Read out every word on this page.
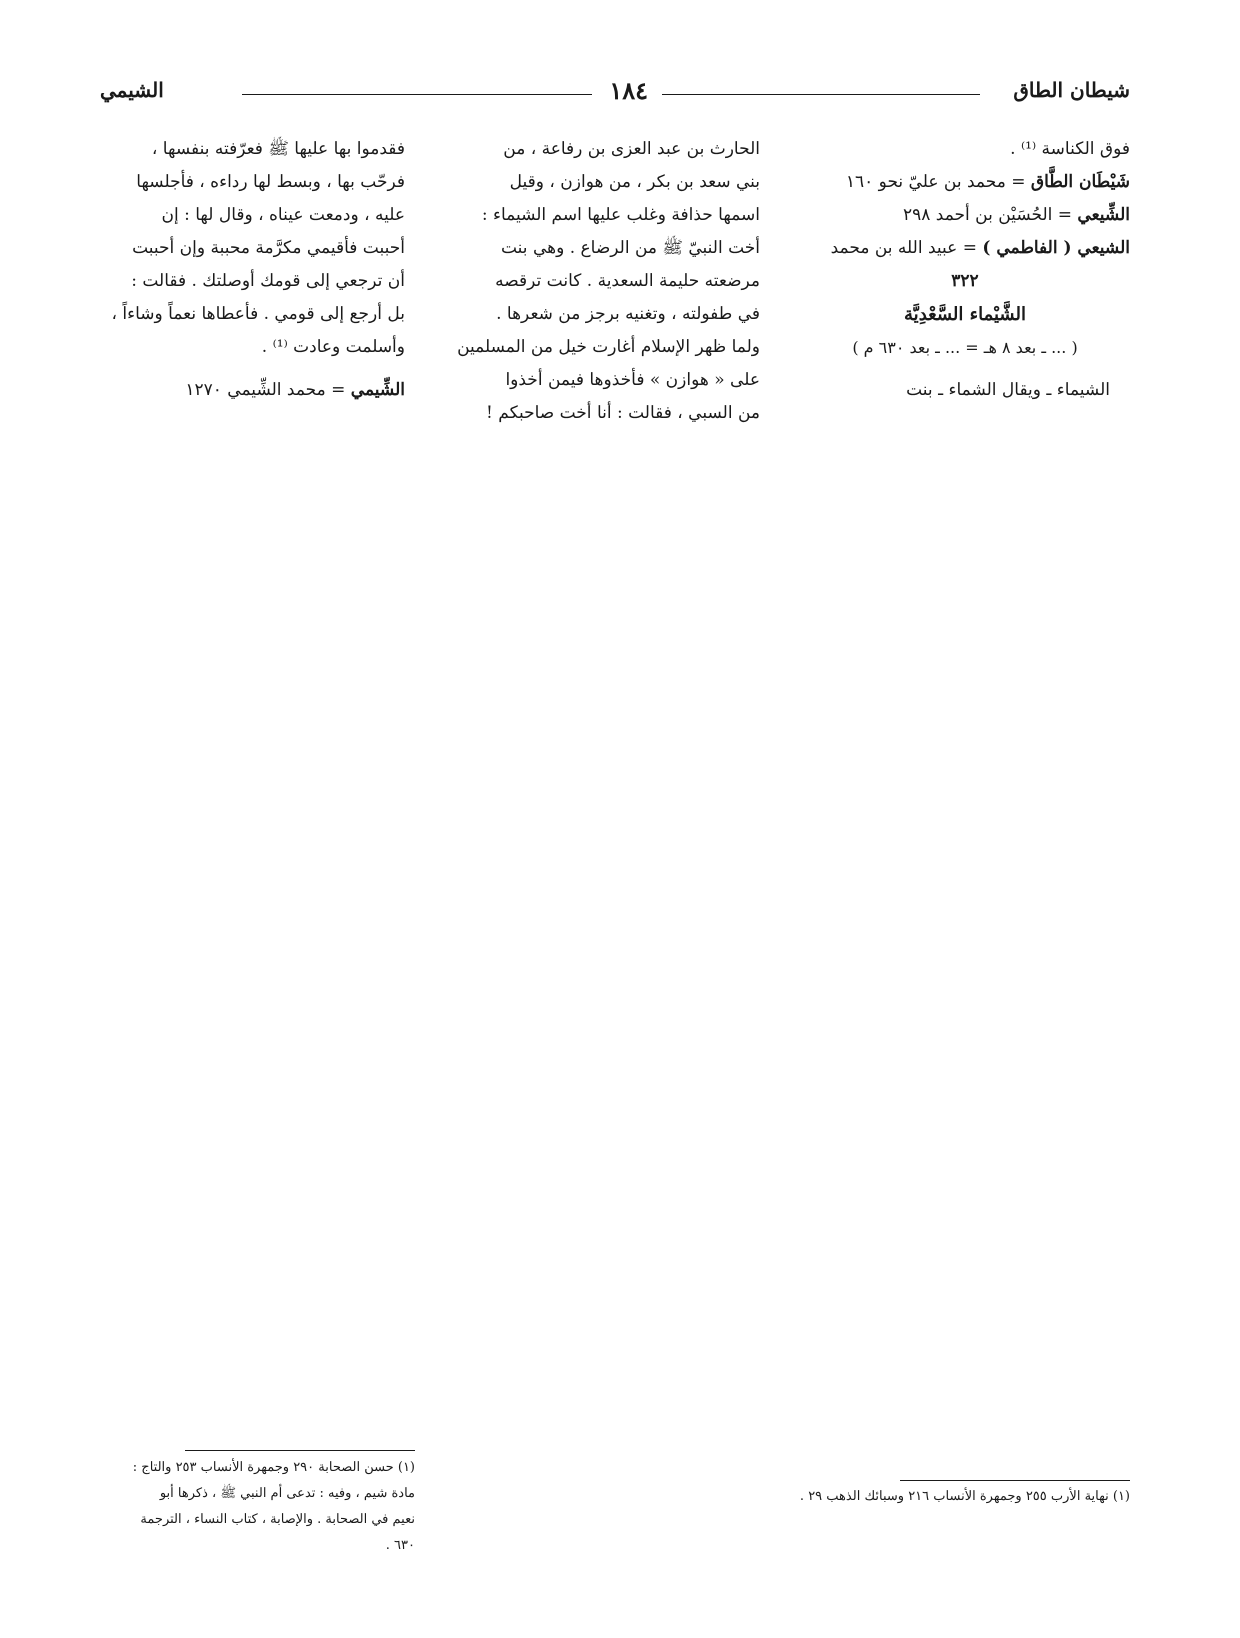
شيطان الطاق
١٨٤
الشيمي

فوق الكناسة ⁽¹⁾ .

شَيْطَان الطَّاق = محمد بن عليّ نحو ١٦٠

الشِّيعي = الحُسَيْن بن أحمد ٢٩٨

الشيعي ( الفاطمي ) = عبيد الله بن محمد

٣٢٢

الشَّيْماء السَّعْدِيَّة

( ... ـ بعد ٨ هـ = ... ـ بعد ٦٣٠ م )

الشيماء ـ ويقال الشماء ـ بنت

الحارث بن عبد العزى بن رفاعة ، من

بني سعد بن بكر ، من هوازن ، وقيل

اسمها حذافة وغلب عليها اسم الشيماء :

أخت النبيّ ﷺ من الرضاع . وهي بنت

مرضعته حليمة السعدية . كانت ترقصه

في طفولته ، وتغنيه برجز من شعرها .

ولما ظهر الإسلام أغارت خيل من المسلمين

على « هوازن » فأخذوها فيمن أخذوا

من السبي ، فقالت : أنا أخت صاحبكم !

فقدموا بها عليها ﷺ فعرّفته بنفسها ،

فرحّب بها ، وبسط لها رداءه ، فأجلسها

عليه ، ودمعت عيناه ، وقال لها : إن

أحببت فأقيمي مكرَّمة محببة وإن أحببت

أن ترجعي إلى قومك أوصلتك . فقالت :

بل أرجع إلى قومي . فأعطاها نعماً وشاءاً ،

وأسلمت وعادت ⁽¹⁾ .

الشِّيمي = محمد الشِّيمي ١٢٧٠

(١) حسن الصحابة ٢٩٠ وجمهرة الأنساب ٢٥٣ والتاج :
مادة شيم ، وفيه : تدعى أم النبي ﷺ ، ذكرها أبو
نعيم في الصحابة . والإصابة ، كتاب النساء ، الترجمة
٦٣٠ .
(١) نهاية الأرب ٢٥٥ وجمهرة الأنساب ٢١٦ وسبائك الذهب ٢٩ .
